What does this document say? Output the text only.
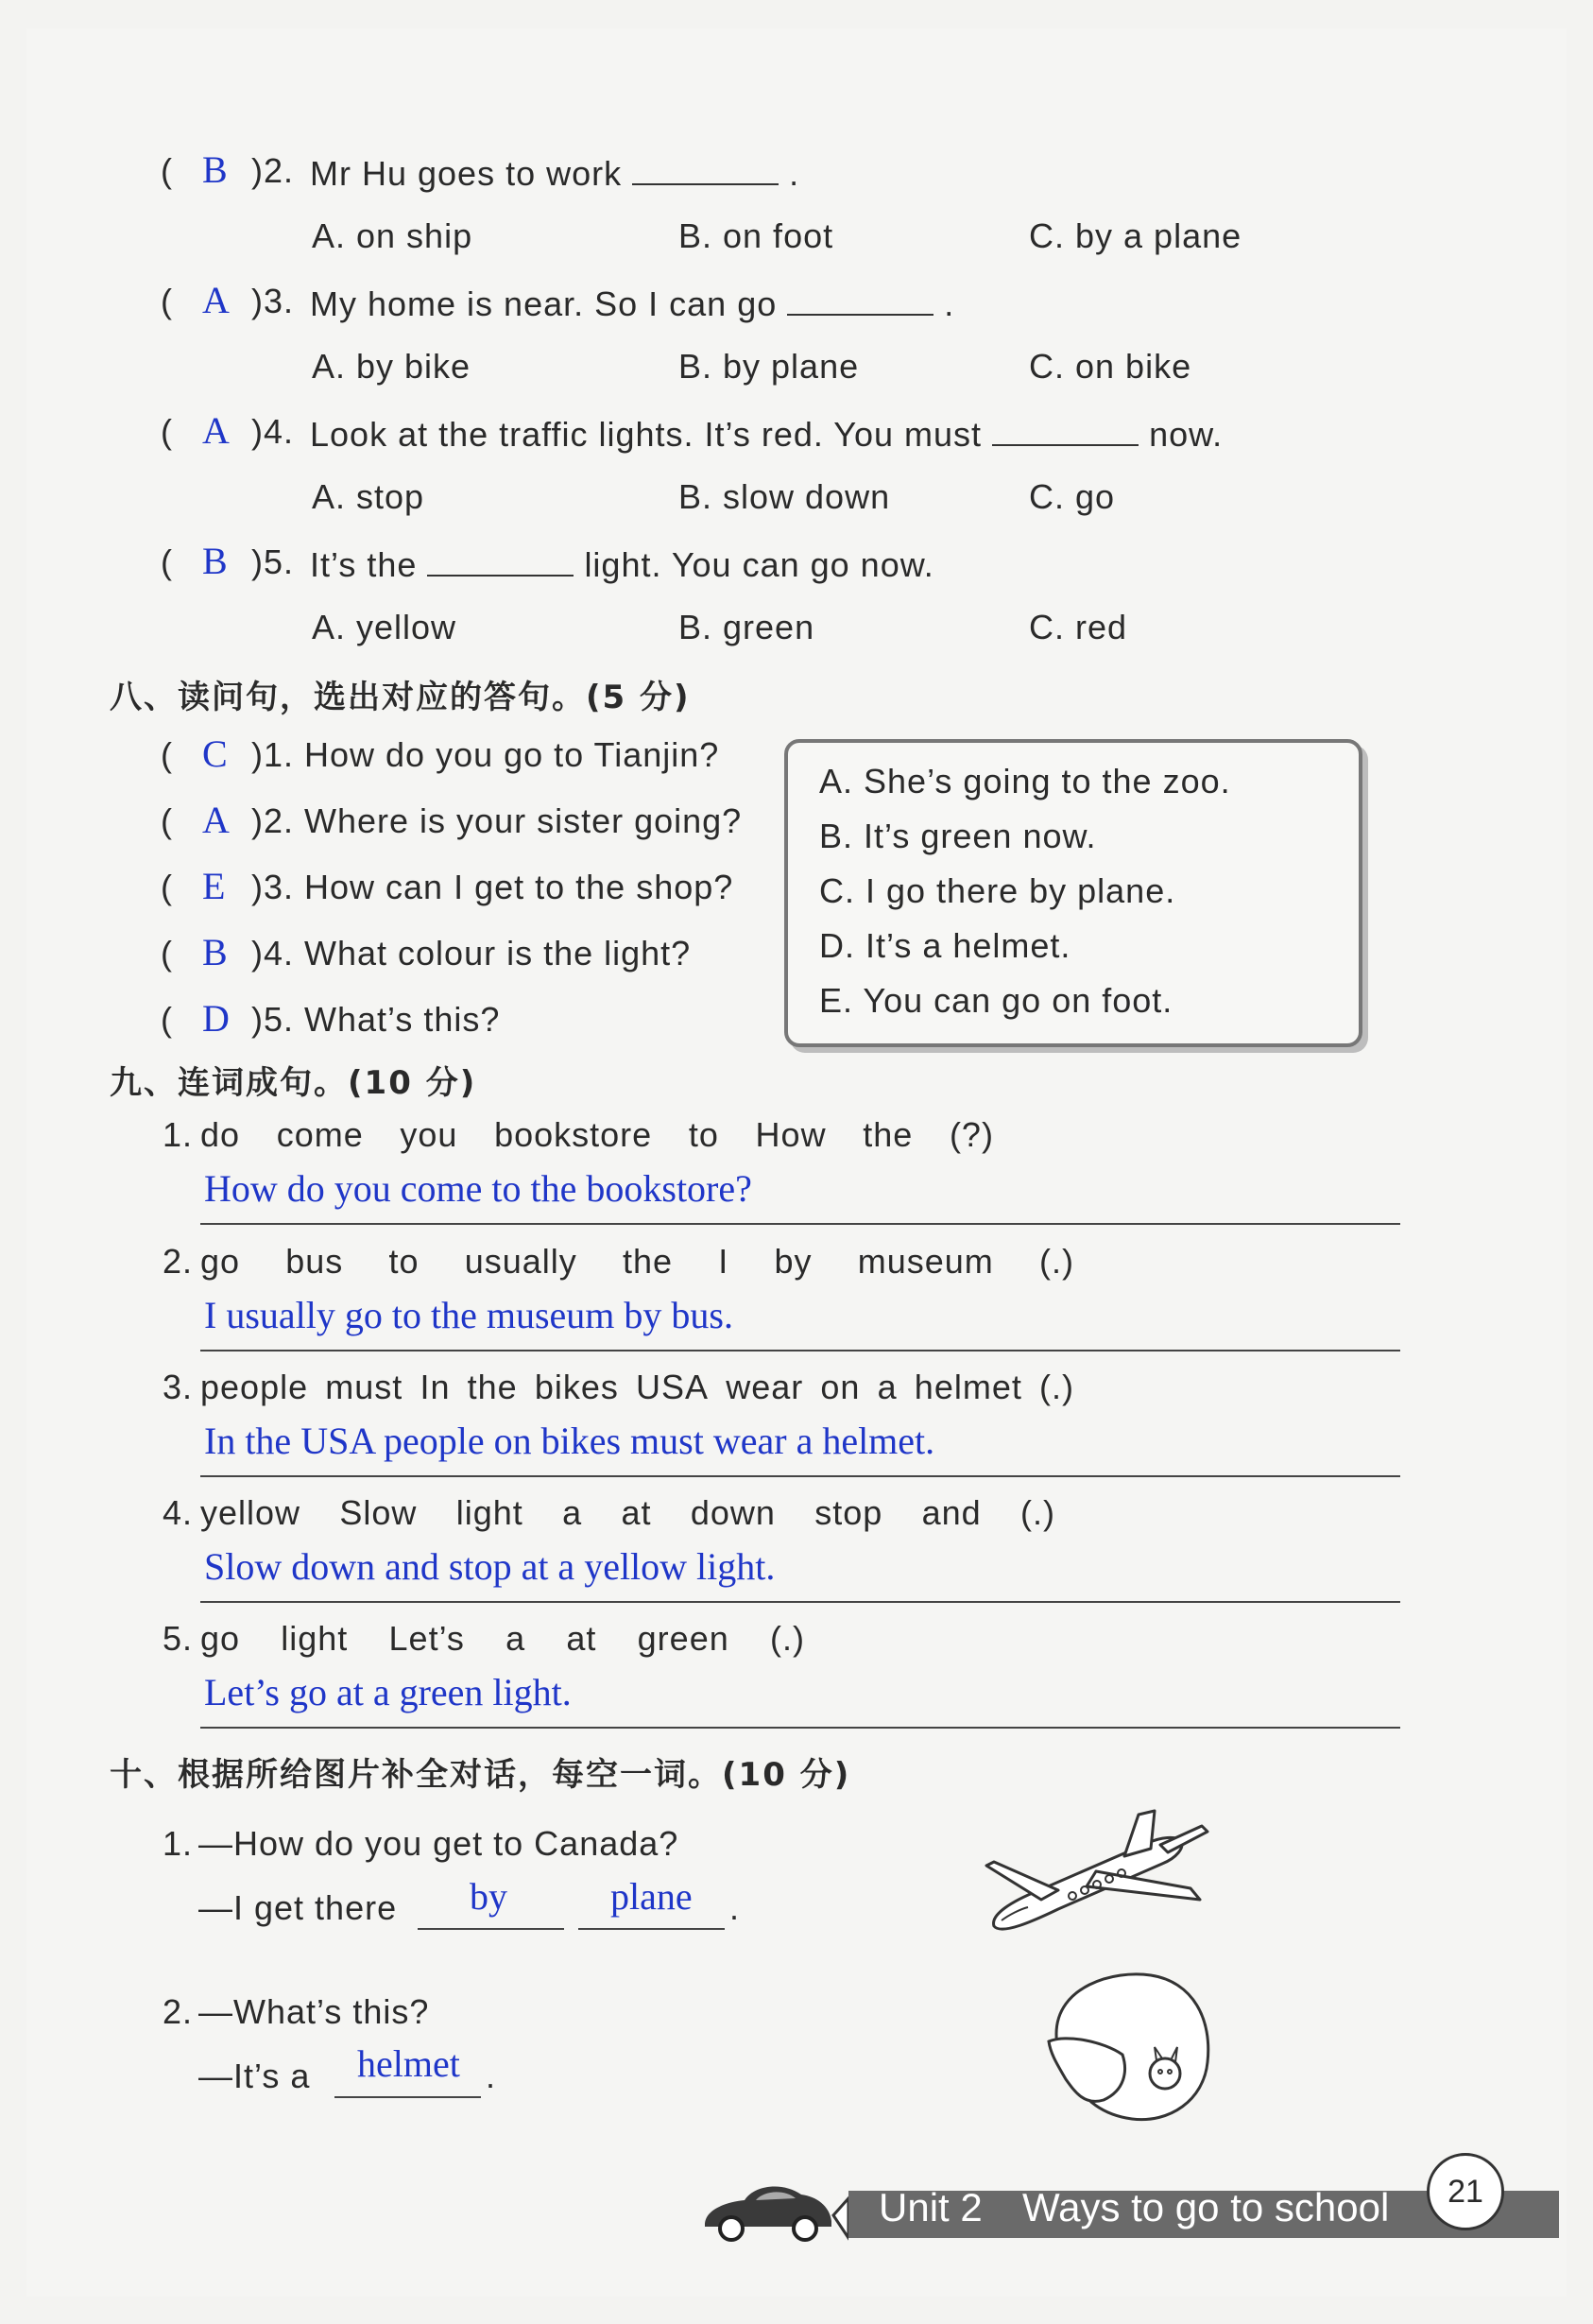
( B )2. Mr Hu goes to work	.
A. on ship	B. on foot	C. by a plane
( A )3. My home is near. So I can go	.
A. by bike	B. by plane	C. on bike
( A )4. Look at the traffic lights. It’s red. You must	now.
A. stop	B. slow down	C. go
( B )5. It’s the	light. You can go now.
A. yellow	B. green	C. red
八、读问句，选出对应的答句。(5 分)
( C )1. How do you go to Tianjin?
( A )2. Where is your sister going?
( E )3. How can I get to the shop?
( B )4. What colour is the light?
( D )5. What’s this?
A. She’s going to the zoo.
B. It’s green now.
C. I go there by plane.
D. It’s a helmet.
E. You can go on foot.
九、连词成句。(10 分)
1. do come you bookstore to How the (?)
How do you come to the bookstore?
2. go bus to usually the I by museum (.)
I usually go to the museum by bus.
3. people must In the bikes USA wear on a helmet (.)
In the USA people on bikes must wear a helmet.
4. yellow Slow light a at down stop and (.)
Slow down and stop at a yellow light.
5. go light Let’s a at green (.)
Let’s go at a green light.
十、根据所给图片补全对话，每空一词。(10 分)
1. —How do you get to Canada?
—I get there by	plane .
2. —What’s this?
—It’s a helmet .
Unit 2 Ways to go to school	21
